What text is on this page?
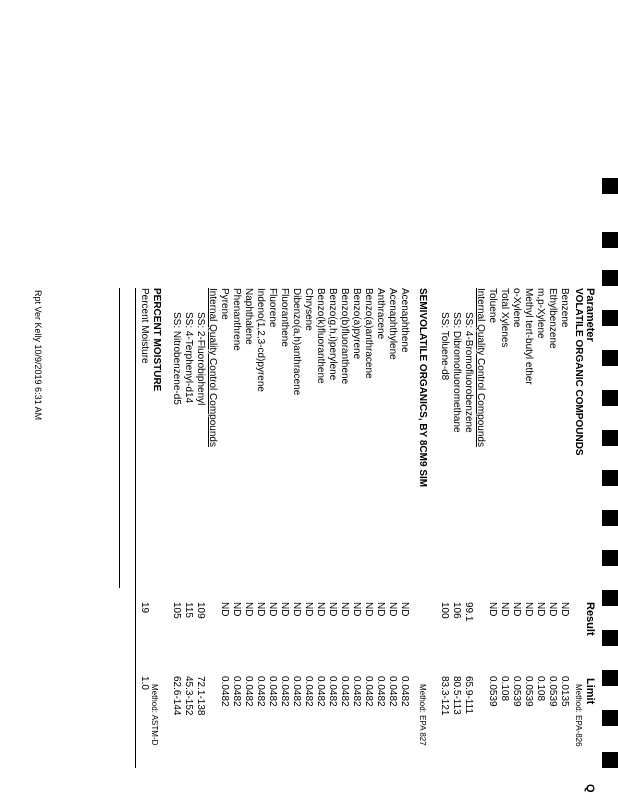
Parameter
Result
Limit
Q
VOLATILE ORGANIC COMPOUNDS
Method: EPA-826
Benzene
ND
0.0135
Ethylbenzene
ND
0.0539
m,p-Xylene
ND
0.108
Methyl tert-butyl ether
ND
0.0539
o-Xylene
ND
0.0539
Total Xylenes
ND
0.108
Toluene
ND
0.0539
Internal Quality Control Compounds
SS: 4-Bromofluorobenzene
99.1
65.9-111
SS: Dibromofluoromethane
106
80.5-113
SS: Toluene-d8
100
83.3-121
SEMIVOLATILE ORGANICS, BY 8CM9 SIM
Method: EPA 827
Acenaphthene
ND
0.0482
Acenaphthylene
ND
0.0482
Anthracene
ND
0.0482
Benzo(a)anthracene
ND
0.0482
Benzo(a)pyrene
ND
0.0482
Benzo(b)fluoranthene
ND
0.0482
Benzo(g,h,i)perylene
ND
0.0482
Benzo(k)fluoranthene
ND
0.0482
Chrysene
ND
0.0482
Dibenzo(a,h)anthracene
ND
0.0482
Fluoranthene
ND
0.0482
Fluorene
ND
0.0482
Indeno(1,2,3-cd)pyrene
ND
0.0482
Naphthalene
ND
0.0482
Phenanthrene
ND
0.0482
Pyrene
ND
0.0482
Internal Quality Control Compounds
SS: 2-Fluorobiphenyl
109
72.1-138
SS: 4-Terphenyl-d14
115
45.3-152
SS: Nitrobenzene-d5
105
62.6-144
PERCENT MOISTURE
Method: ASTM-D
Percent Moisture
19
1.0
Rpt Ver Kelly 10/9/2019 6:31 AM
